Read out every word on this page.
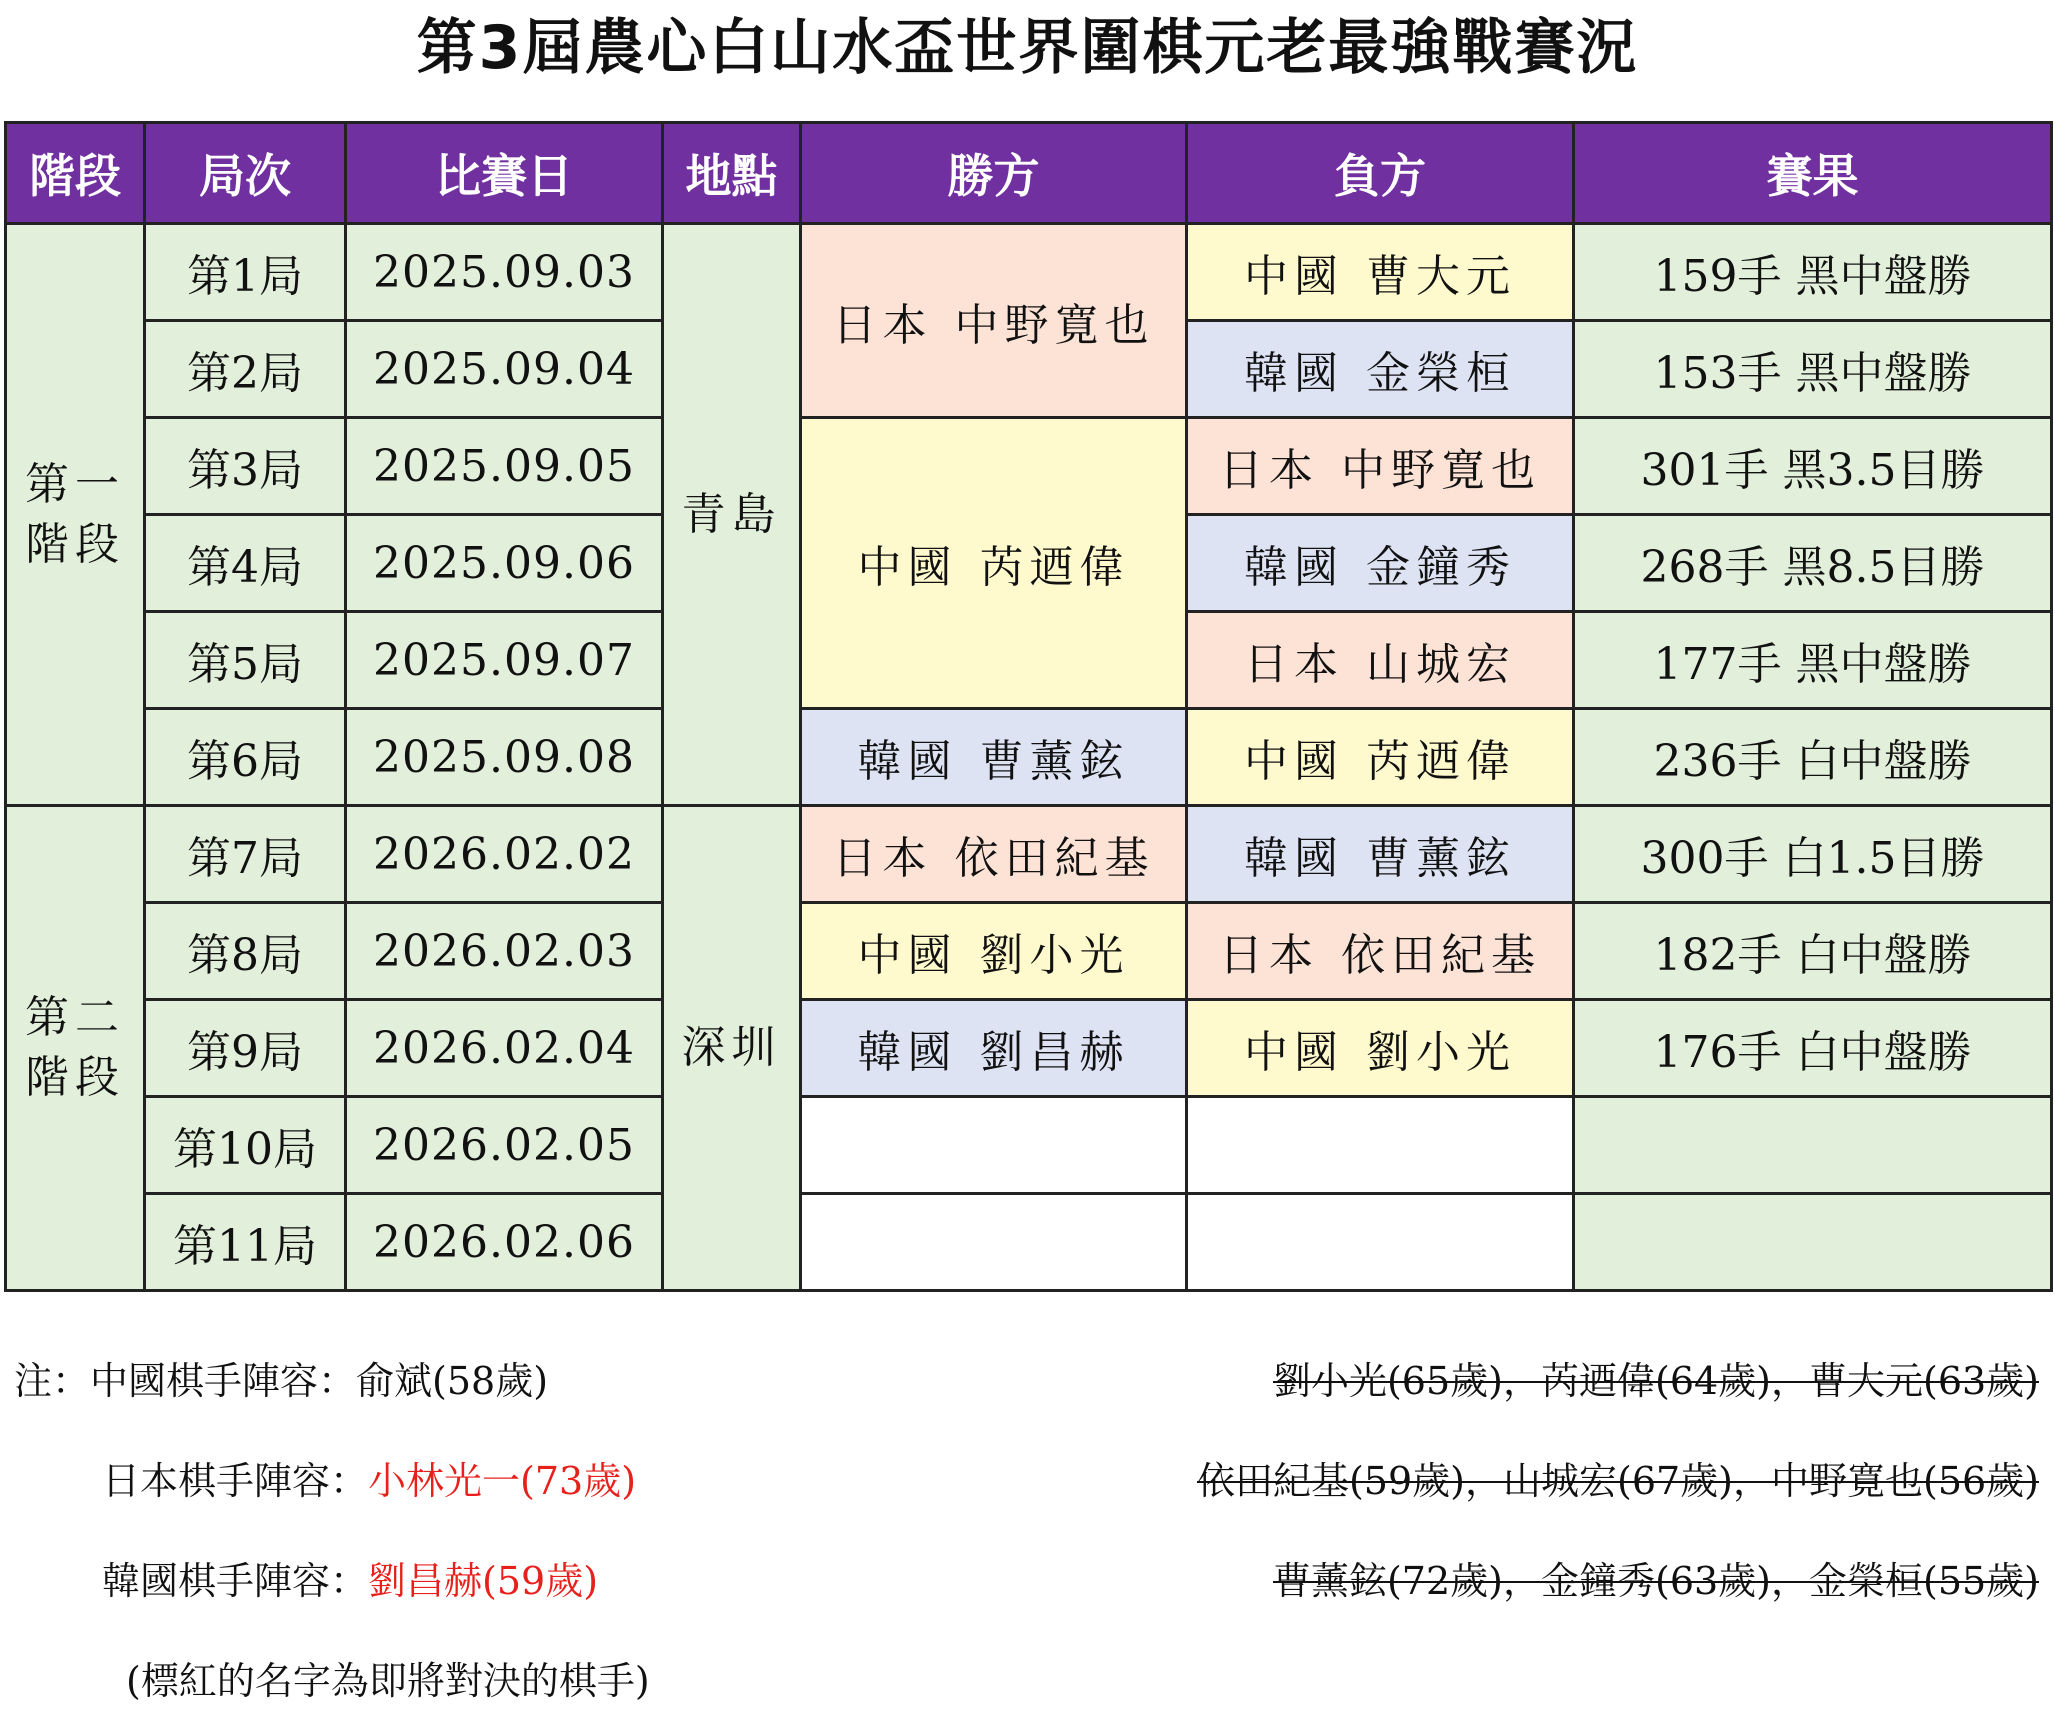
第3屆農心白山水盃世界圍棋元老最強戰賽況
階段	局次	比賽日	地點	勝方	負方	賽果
第一階段	第1局	2025.09.03	青島	日本 中野寛也	中國 曹大元	159手 黑中盤勝
	第2局	2025.09.04			韓國 金榮桓	153手 黑中盤勝
	第3局	2025.09.05		中國 芮迺偉	日本 中野寛也	301手 黑3.5目勝
	第4局	2025.09.06			韓國 金鐘秀	268手 黑8.5目勝
	第5局	2025.09.07			日本 山城宏	177手 黑中盤勝
	第6局	2025.09.08		韓國 曹薰鉉	中國 芮迺偉	236手 白中盤勝
第二階段	第7局	2026.02.02	深圳	日本 依田紀基	韓國 曹薰鉉	300手 白1.5目勝
	第8局	2026.02.03		中國 劉小光	日本 依田紀基	182手 白中盤勝
	第9局	2026.02.04		韓國 劉昌赫	中國 劉小光	176手 白中盤勝
	第10局	2026.02.05				
	第11局	2026.02.06				
注：中國棋手陣容：俞斌(58歲)	劉小光(65歲)，芮迺偉(64歲)，曹大元(63歲)
日本棋手陣容：小林光一(73歲)	依田紀基(59歲)，山城宏(67歲)，中野寛也(56歲)
韓國棋手陣容：劉昌赫(59歲)	曹薰鉉(72歲)，金鐘秀(63歲)，金榮桓(55歲)
(標紅的名字為即將對決的棋手)
